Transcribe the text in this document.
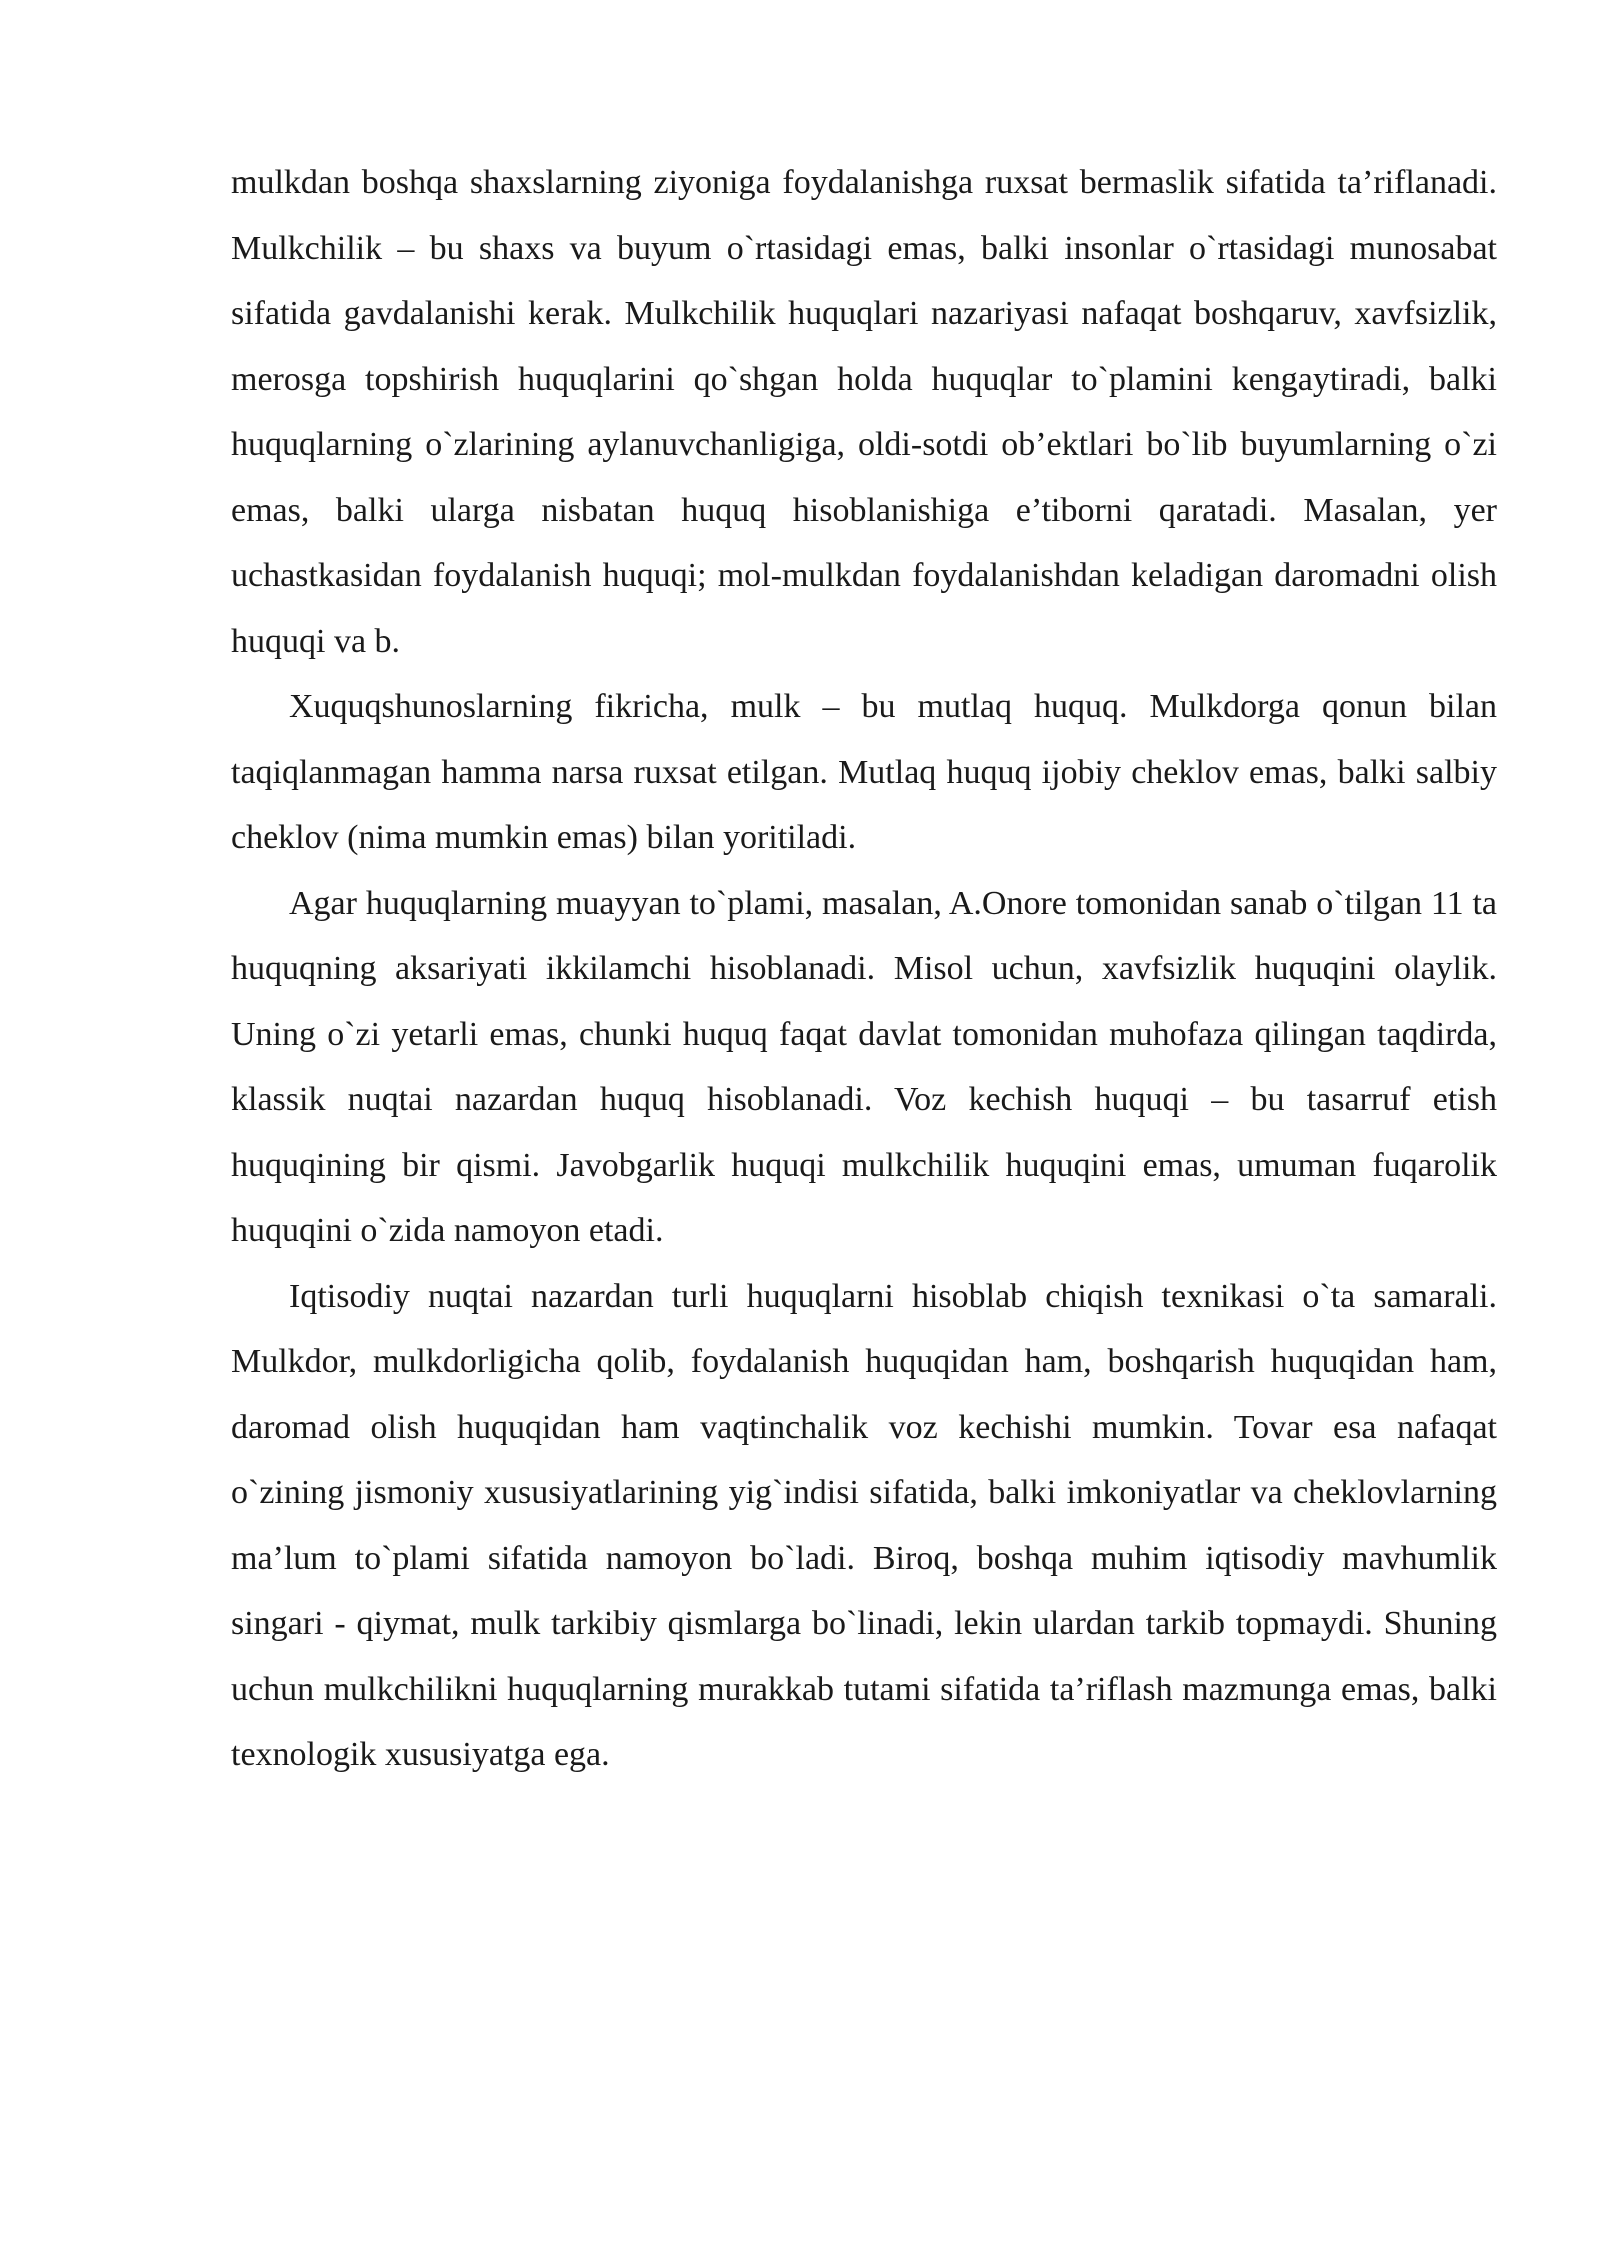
mulkdan boshqa shaxslarning ziyoniga foydalanishga ruxsat bermaslik sifatida ta’riflanadi. Mulkchilik – bu shaxs va buyum o`rtasidagi emas, balki insonlar o`rtasidagi munosabat sifatida gavdalanishi kerak. Mulkchilik huquqlari nazariyasi nafaqat boshqaruv, xavfsizlik, merosga topshirish huquqlarini qo`shgan holda huquqlar to`plamini kengaytiradi, balki huquqlarning o`zlarining aylanuvchanligiga, oldi-sotdi ob’ektlari bo`lib buyumlarning o`zi emas, balki ularga nisbatan huquq hisoblanishiga e’tiborni qaratadi. Masalan, yer uchastkasidan foydalanish huquqi; mol-mulkdan foydalanishdan keladigan daromadni olish huquqi va b.

Xuquqshunoslarning fikricha, mulk – bu mutlaq huquq. Mulkdorga qonun bilan taqiqlanmagan hamma narsa ruxsat etilgan. Mutlaq huquq ijobiy cheklov emas, balki salbiy cheklov (nima mumkin emas) bilan yoritiladi.

Agar huquqlarning muayyan to`plami, masalan, A.Onore tomonidan sanab o`tilgan 11 ta huquqning aksariyati ikkilamchi hisoblanadi. Misol uchun, xavfsizlik huquqini olaylik. Uning o`zi yetarli emas, chunki huquq faqat davlat tomonidan muhofaza qilingan taqdirda, klassik nuqtai nazardan huquq hisoblanadi. Voz kechish huquqi – bu tasarruf etish huquqining bir qismi. Javobgarlik huquqi mulkchilik huquqini emas, umuman fuqarolik huquqini o`zida namoyon etadi.

Iqtisodiy nuqtai nazardan turli huquqlarni hisoblab chiqish texnikasi o`ta samarali. Mulkdor, mulkdorligicha qolib, foydalanish huquqidan ham, boshqarish huquqidan ham, daromad olish huquqidan ham vaqtinchalik voz kechishi mumkin. Tovar esa nafaqat o`zining jismoniy xususiyatlarining yig`indisi sifatida, balki imkoniyatlar va cheklovlarning ma’lum to`plami sifatida namoyon bo`ladi. Biroq, boshqa muhim iqtisodiy mavhumlik singari - qiymat, mulk tarkibiy qismlarga bo`linadi, lekin ulardan tarkib topmaydi. Shuning uchun mulkchilikni huquqlarning murakkab tutami sifatida ta’riflash mazmunga emas, balki texnologik xususiyatga ega.
